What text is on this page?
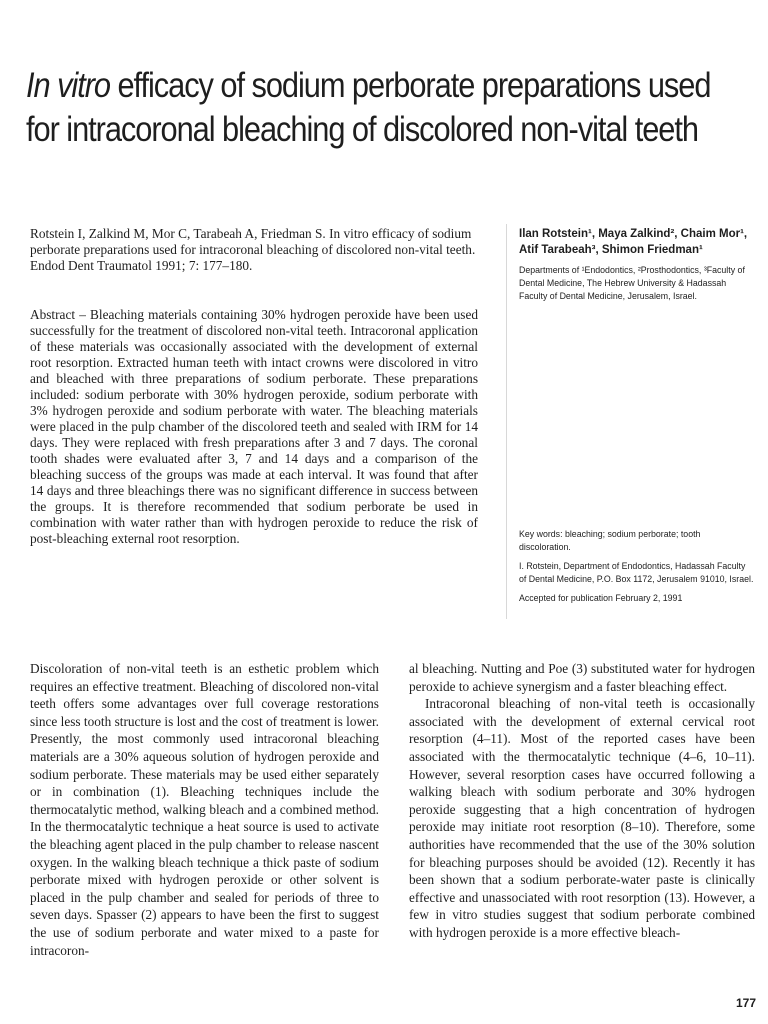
In vitro efficacy of sodium perborate preparations used for intracoronal bleaching of discolored non-vital teeth

Rotstein I, Zalkind M, Mor C, Tarabeah A, Friedman S. In vitro efficacy of sodium perborate preparations used for intracoronal bleaching of discolored non-vital teeth. Endod Dent Traumatol 1991; 7: 177–180.

Abstract – Bleaching materials containing 30% hydrogen peroxide have been used successfully for the treatment of discolored non-vital teeth. Intracoronal application of these materials was occasionally associated with the development of external root resorption. Extracted human teeth with intact crowns were discolored in vitro and bleached with three preparations of sodium perborate. These preparations included: sodium perborate with 30% hydrogen peroxide, sodium perborate with 3% hydrogen peroxide and sodium perborate with water. The bleaching materials were placed in the pulp chamber of the discolored teeth and sealed with IRM for 14 days. They were replaced with fresh preparations after 3 and 7 days. The coronal tooth shades were evaluated after 3, 7 and 14 days and a comparison of the bleaching success of the groups was made at each interval. It was found that after 14 days and three bleachings there was no significant difference in success between the groups. It is therefore recommended that sodium perborate be used in combination with water rather than with hydrogen peroxide to reduce the risk of post-bleaching external root resorption.

Ilan Rotstein¹, Maya Zalkind², Chaim Mor¹, Atif Tarabeah³, Shimon Friedman¹

Departments of ¹Endodontics, ²Prosthodontics, ³Faculty of Dental Medicine, The Hebrew University & Hadassah Faculty of Dental Medicine, Jerusalem, Israel.

Key words: bleaching; sodium perborate; tooth discoloration.

I. Rotstein, Department of Endodontics, Hadassah Faculty of Dental Medicine, P.O. Box 1172, Jerusalem 91010, Israel.

Accepted for publication February 2, 1991

Discoloration of non-vital teeth is an esthetic problem which requires an effective treatment. Bleaching of discolored non-vital teeth offers some advantages over full coverage restorations since less tooth structure is lost and the cost of treatment is lower. Presently, the most commonly used intracoronal bleaching materials are a 30% aqueous solution of hydrogen peroxide and sodium perborate. These materials may be used either separately or in combination (1). Bleaching techniques include the thermocatalytic method, walking bleach and a combined method. In the thermocatalytic technique a heat source is used to activate the bleaching agent placed in the pulp chamber to release nascent oxygen. In the walking bleach technique a thick paste of sodium perborate mixed with hydrogen peroxide or other solvent is placed in the pulp chamber and sealed for periods of three to seven days. Spasser (2) appears to have been the first to suggest the use of sodium perborate and water mixed to a paste for intracoron-

al bleaching. Nutting and Poe (3) substituted water for hydrogen peroxide to achieve synergism and a faster bleaching effect.

Intracoronal bleaching of non-vital teeth is occasionally associated with the development of external cervical root resorption (4–11). Most of the reported cases have been associated with the thermocatalytic technique (4–6, 10–11). However, several resorption cases have occurred following a walking bleach with sodium perborate and 30% hydrogen peroxide suggesting that a high concentration of hydrogen peroxide may initiate root resorption (8–10). Therefore, some authorities have recommended that the use of the 30% solution for bleaching purposes should be avoided (12). Recently it has been shown that a sodium perborate-water paste is clinically effective and unassociated with root resorption (13). However, a few in vitro studies suggest that sodium perborate combined with hydrogen peroxide is a more effective bleach-

177
